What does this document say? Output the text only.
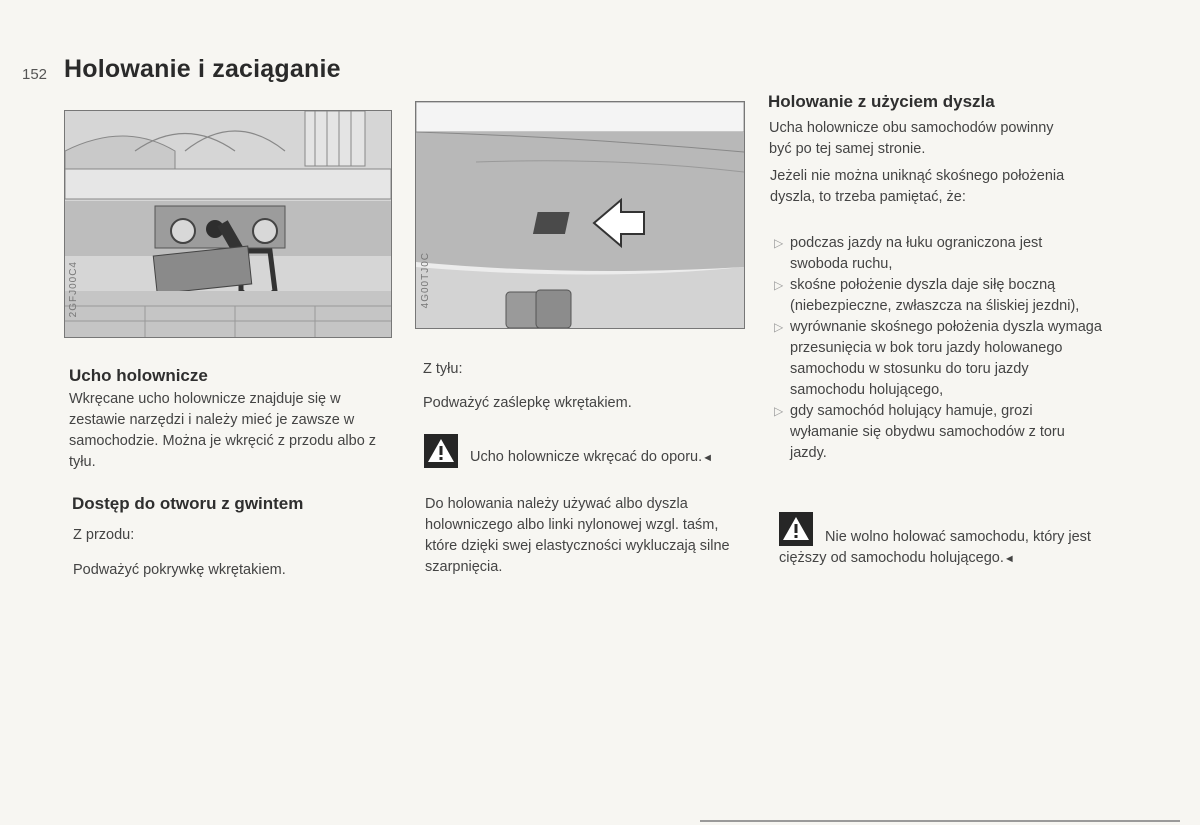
152 Holowanie i zaciąganie
2GFJ00C4	4G00TJ0C
Ucho holownicze
Wkręcane ucho holownicze znajduje się w zestawie narzędzi i należy mieć je zawsze w samochodzie. Można je wkręcić z przodu albo z tyłu.
Dostęp do otworu z gwintem
Z przodu:
Podważyć pokrywkę wkrętakiem.
Z tyłu:
Podważyć zaślepkę wkrętakiem.
Ucho holownicze wkręcać do oporu.◄
Do holowania należy używać albo dyszla holowniczego albo linki nylonowej wzgl. taśm, które dzięki swej elastyczności wykluczają silne szarpnięcia.
Holowanie z użyciem dyszla
Ucha holownicze obu samochodów powinny być po tej samej stronie.
Jeżeli nie można uniknąć skośnego położenia dyszla, to trzeba pamiętać, że:
▷ podczas jazdy na łuku ograniczona jest swoboda ruchu,
▷ skośne położenie dyszla daje siłę boczną (niebezpieczne, zwłaszcza na śliskiej jezdni),
▷ wyrównanie skośnego położenia dyszla wymaga przesunięcia w bok toru jazdy holowanego samochodu w stosunku do toru jazdy samochodu holującego,
▷ gdy samochód holujący hamuje, grozi wyłamanie się obydwu samochodów z toru jazdy.
Nie wolno holować samochodu, który jest cięższy od samochodu holującego.◄
